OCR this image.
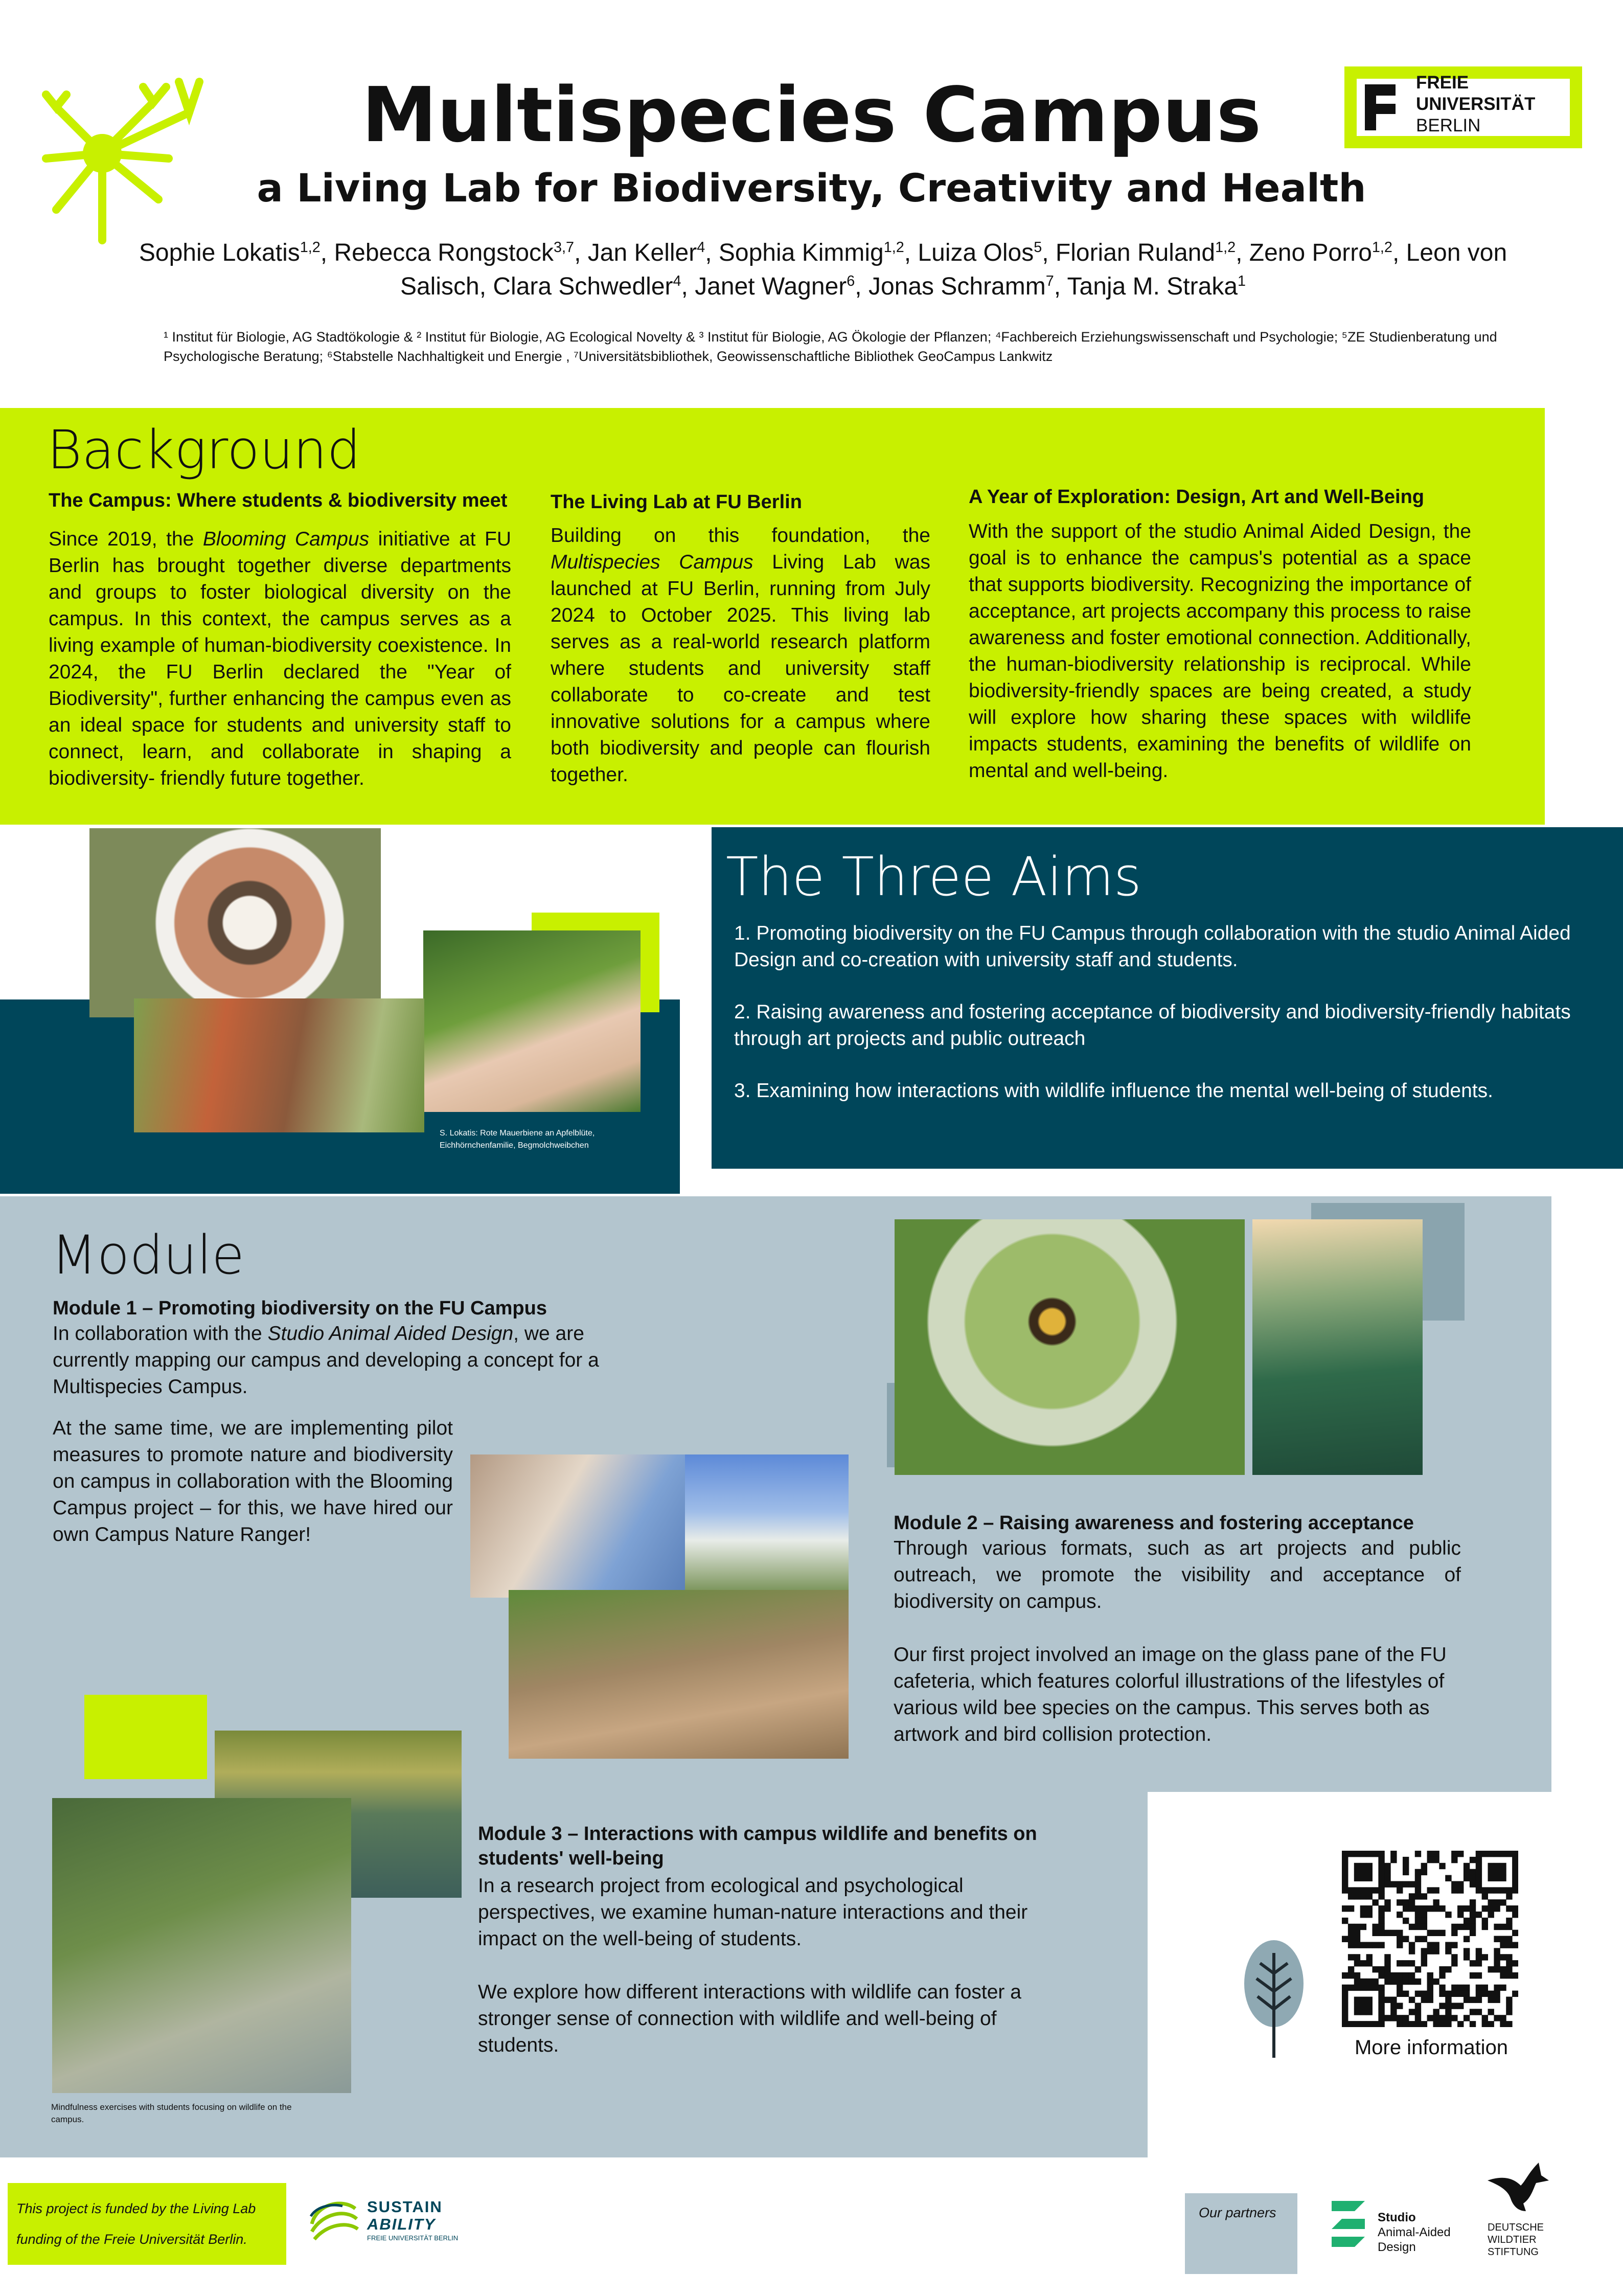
Multispecies Campus
a Living Lab for Biodiversity, Creativity and Health
Sophie Lokatis$^{1,2}$, Rebecca Rongstock$^{3,7}$, Jan Keller$^4$, Sophia Kimmig$^{1,2}$, Luiza Olos$^5$, Florian Ruland$^{1,2}$, Zeno Porro$^{1,2}$, Leon von Salisch, Clara Schwedler$^4$, Janet Wagner$^6$, Jonas Schramm$^7$, Tanja M. Straka$^1$
¹ Institut für Biologie, AG Stadtökologie & ² Institut für Biologie, AG Ecological Novelty & ³ Institut für Biologie, AG Ökologie der Pflanzen; ⁴Fachbereich Erziehungswissenschaft und Psychologie; ⁵ZE Studienberatung und Psychologische Beratung; ⁶Stabstelle Nachhaltigkeit und Energie , ⁷Universitätsbibliothek, Geowissenschaftliche Bibliothek GeoCampus Lankwitz
FREIE
UNIVERSITÄT
BERLIN
Background
The Campus: Where students & biodiversity meet
Since 2019, the Blooming Campus initiative at FU Berlin has brought together diverse departments and groups to foster biological diversity on the campus. In this context, the campus serves as a living example of human-biodiversity coexistence. In 2024, the FU Berlin declared the "Year of Biodiversity", further enhancing the campus even as an ideal space for students and university staff to connect, learn, and collaborate in shaping a biodiversity- friendly future together.
The Living Lab at FU Berlin
Building on this foundation, the Multispecies Campus Living Lab was launched at FU Berlin, running from July 2024 to October 2025. This living lab serves as a real-world research platform where students and university staff collaborate to co-create and test innovative solutions for a campus where both biodiversity and people can flourish together.
A Year of Exploration: Design, Art and Well-Being
With the support of the studio Animal Aided Design, the goal is to enhance the campus's potential as a space that supports biodiversity. Recognizing the importance of acceptance, art projects accompany this process to raise awareness and foster emotional connection. Additionally, the human-biodiversity relationship is reciprocal. While biodiversity-friendly spaces are being created, a study will explore how sharing these spaces with wildlife impacts students, examining the benefits of wildlife on mental and well-being.
S. Lokatis: Rote Mauerbiene an Apfelblüte, Eichhörnchenfamilie, Begmolchweibchen
The Three Aims
1. Promoting biodiversity on the FU Campus through collaboration with the studio Animal Aided Design and co-creation with university staff and students.
2. Raising awareness and fostering acceptance of biodiversity and biodiversity-friendly habitats through art projects and public outreach
3. Examining how interactions with wildlife influence the mental well-being of students.
Module
Module 1 – Promoting biodiversity on the FU Campus
In collaboration with the Studio Animal Aided Design, we are currently mapping our campus and developing a concept for a Multispecies Campus.
At the same time, we are implementing pilot measures to promote nature and biodiversity on campus in collaboration with the Blooming Campus project – for this, we have hired our own Campus Nature Ranger!
Module 2 – Raising awareness and fostering acceptance
Through various formats, such as art projects and public outreach, we promote the visibility and acceptance of biodiversity on campus.
Our first project involved an image on the glass pane of the FU cafeteria, which features colorful illustrations of the lifestyles of various wild bee species on the campus. This serves both as artwork and bird collision protection.
Mindfulness exercises with students focusing on wildlife on the campus.
Module 3 – Interactions with campus wildlife and benefits on students' well-being
In a research project from ecological and psychological perspectives, we examine human-nature interactions and their impact on the well-being of students.
We explore how different interactions with wildlife can foster a stronger sense of connection with wildlife and well-being of students.	More information
This project is funded by the Living Lab
funding of the Freie Universität Berlin.
SUSTAIN
ABILITY
FREIE UNIVERSITÄT BERLIN
Our partners	Studio
Animal-Aided
Design
DEUTSCHE
WILDTIER
STIFTUNG
